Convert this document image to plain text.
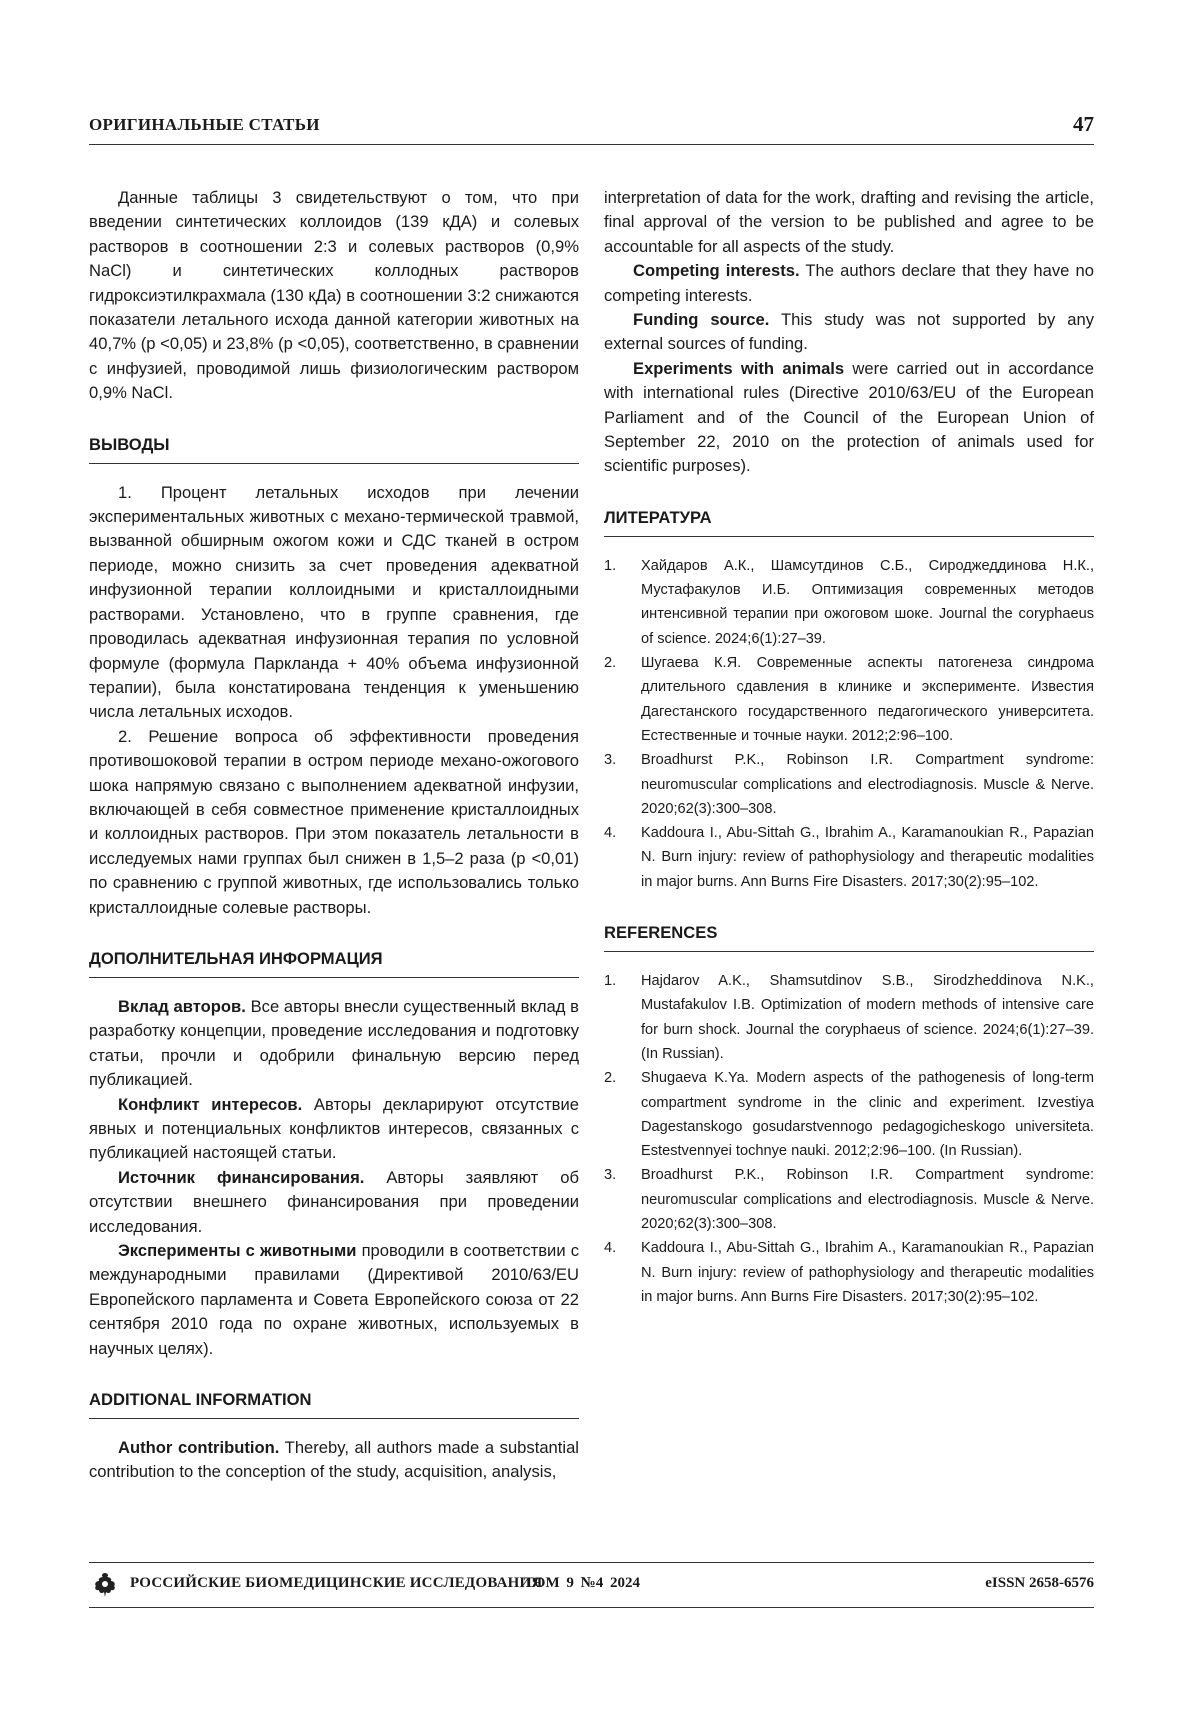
ОРИГИНАЛЬНЫЕ СТАТЬИ	47

Данные таблицы 3 свидетельствуют о том, что при введении синтетических коллоидов (139 кДА) и солевых растворов в соотношении 2:3 и солевых растворов (0,9% NaCl) и синтетических коллодных растворов гидроксиэтилкрахмала (130 кДа) в соотношении 3:2 снижаются показатели летального исхода данной категории животных на 40,7% (р <0,05) и 23,8% (р <0,05), соответственно, в сравнении с инфузией, проводимой лишь физиологическим раствором 0,9% NaCl.

ВЫВОДЫ

1. Процент летальных исходов при лечении экспериментальных животных с механо-термической травмой, вызванной обширным ожогом кожи и СДС тканей в остром периоде, можно снизить за счет проведения адекватной инфузионной терапии коллоидными и кристаллоидными растворами. Установлено, что в группе сравнения, где проводилась адекватная инфузионная терапия по условной формуле (формула Паркланда + 40% объема инфузионной терапии), была констатирована тенденция к уменьшению числа летальных исходов.

2. Решение вопроса об эффективности проведения противошоковой терапии в остром периоде механо-ожогового шока напрямую связано с выполнением адекватной инфузии, включающей в себя совместное применение кристаллоидных и коллоидных растворов. При этом показатель летальности в исследуемых нами группах был снижен в 1,5–2 раза (р <0,01) по сравнению с группой животных, где использовались только кристаллоидные солевые растворы.

ДОПОЛНИТЕЛЬНАЯ ИНФОРМАЦИЯ

Вклад авторов. Все авторы внесли существенный вклад в разработку концепции, проведение исследования и подготовку статьи, прочли и одобрили финальную версию перед публикацией.

Конфликт интересов. Авторы декларируют отсутствие явных и потенциальных конфликтов интересов, связанных с публикацией настоящей статьи.

Источник финансирования. Авторы заявляют об отсутствии внешнего финансирования при проведении исследования.

Эксперименты с животными проводили в соответствии с международными правилами (Директивой 2010/63/EU Европейского парламента и Совета Европейского союза от 22 сентября 2010 года по охране животных, используемых в научных целях).

ADDITIONAL INFORMATION

Author contribution. Thereby, all authors made a substantial contribution to the conception of the study, acquisition, analysis,

interpretation of data for the work, drafting and revising the article, final approval of the version to be published and agree to be accountable for all aspects of the study.

Competing interests. The authors declare that they have no competing interests.

Funding source. This study was not supported by any external sources of funding.

Experiments with animals were carried out in accordance with international rules (Directive 2010/63/EU of the European Parliament and of the Council of the European Union of September 22, 2010 on the protection of animals used for scientific purposes).

ЛИТЕРАТУРА
1. Хайдаров А.К., Шамсутдинов С.Б., Сироджеддинова Н.К., Мустафакулов И.Б. Оптимизация современных методов интенсивной терапии при ожоговом шоке. Journal the coryphaeus of science. 2024;6(1):27–39.
2. Шугаева К.Я. Современные аспекты патогенеза синдрома длительного сдавления в клинике и эксперименте. Известия Дагестанского государственного педагогического университета. Естественные и точные науки. 2012;2:96–100.
3. Broadhurst P.K., Robinson I.R. Compartment syndrome: neuromuscular complications and electrodiagnosis. Muscle & Nerve. 2020;62(3):300–308.
4. Kaddoura I., Abu-Sittah G., Ibrahim A., Karamanoukian R., Papazian N. Burn injury: review of pathophysiology and therapeutic modalities in major burns. Ann Burns Fire Disasters. 2017;30(2):95–102.
REFERENCES
1. Hajdarov A.K., Shamsutdinov S.B., Sirodzheddinova N.K., Mustafakulov I.B. Optimization of modern methods of intensive care for burn shock. Journal the coryphaeus of science. 2024;6(1):27–39. (In Russian).
2. Shugaeva K.Ya. Modern aspects of the pathogenesis of long-term compartment syndrome in the clinic and experiment. Izvestiya Dagestanskogo gosudarstvennogo pedagogicheskogo universiteta. Estestvennyei tochnye nauki. 2012;2:96–100. (In Russian).
3. Broadhurst P.K., Robinson I.R. Compartment syndrome: neuromuscular complications and electrodiagnosis. Muscle & Nerve. 2020;62(3):300–308.
4. Kaddoura I., Abu-Sittah G., Ibrahim A., Karamanoukian R., Papazian N. Burn injury: review of pathophysiology and therapeutic modalities in major burns. Ann Burns Fire Disasters. 2017;30(2):95–102.
РОССИЙСКИЕ БИОМЕДИЦИНСКИЕ ИССЛЕДОВАНИЯ
ТОМ 9 №4 2024	eISSN 2658-6576
